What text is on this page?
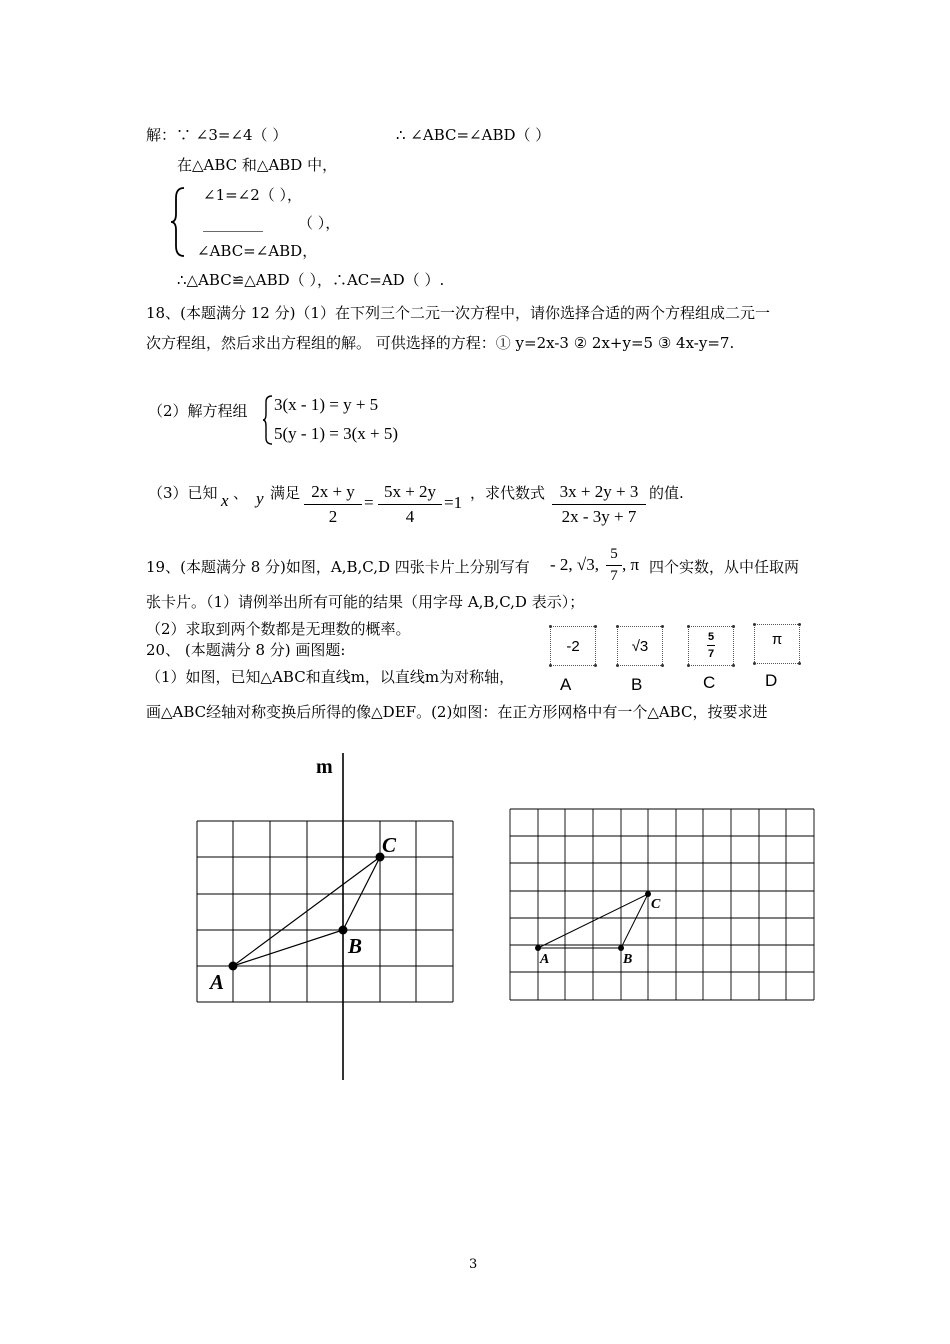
解：∵ ∠3=∠4（ ）	∴ ∠ABC=∠ABD（ ）
在△ABC 和△ABD 中，
∠1=∠2（ ），
________ （ ），
∠ABC=∠ABD，
∴△ABC≌△ABD（ ），∴AC=AD（ ）.
18、(本题满分 12 分)（1）在下列三个二元一次方程中，请你选择合适的两个方程组成二元一
次方程组，然后求出方程组的解。 可供选择的方程：① y=2x-3 ② 2x+y=5 ③ 4x-y=7.
（2）解方程组 3(x - 1) = y + 5
5(y - 1) = 3(x + 5)
（3）已知 x 、 y 满足 $\frac{2x + y}{2} = \frac{5x + 2y}{4} =1$ ，求代数式 $\frac{3x + 2y + 3}{2x - 3y + 7}$ 的值.
19、(本题满分 8 分)如图，A,B,C,D 四张卡片上分别写有 - 2, √3, $\frac{5}{7}$ , π 四个实数，从中任取两
张卡片。（1）请例举出所有可能的结果（用字母 A,B,C,D 表示）；
（2）求取到两个数都是无理数的概率。
-2	√3
5
7
π
A	B	C	D
20、 (本题满分 8 分) 画图题:
（1）如图，已知△ABC和直线m，以直线m为对称轴，
画△ABC经轴对称变换后所得的像△DEF。(2)如图：在正方形网格中有一个△ABC，按要求进
m
A
B
C
A	B
C
3
